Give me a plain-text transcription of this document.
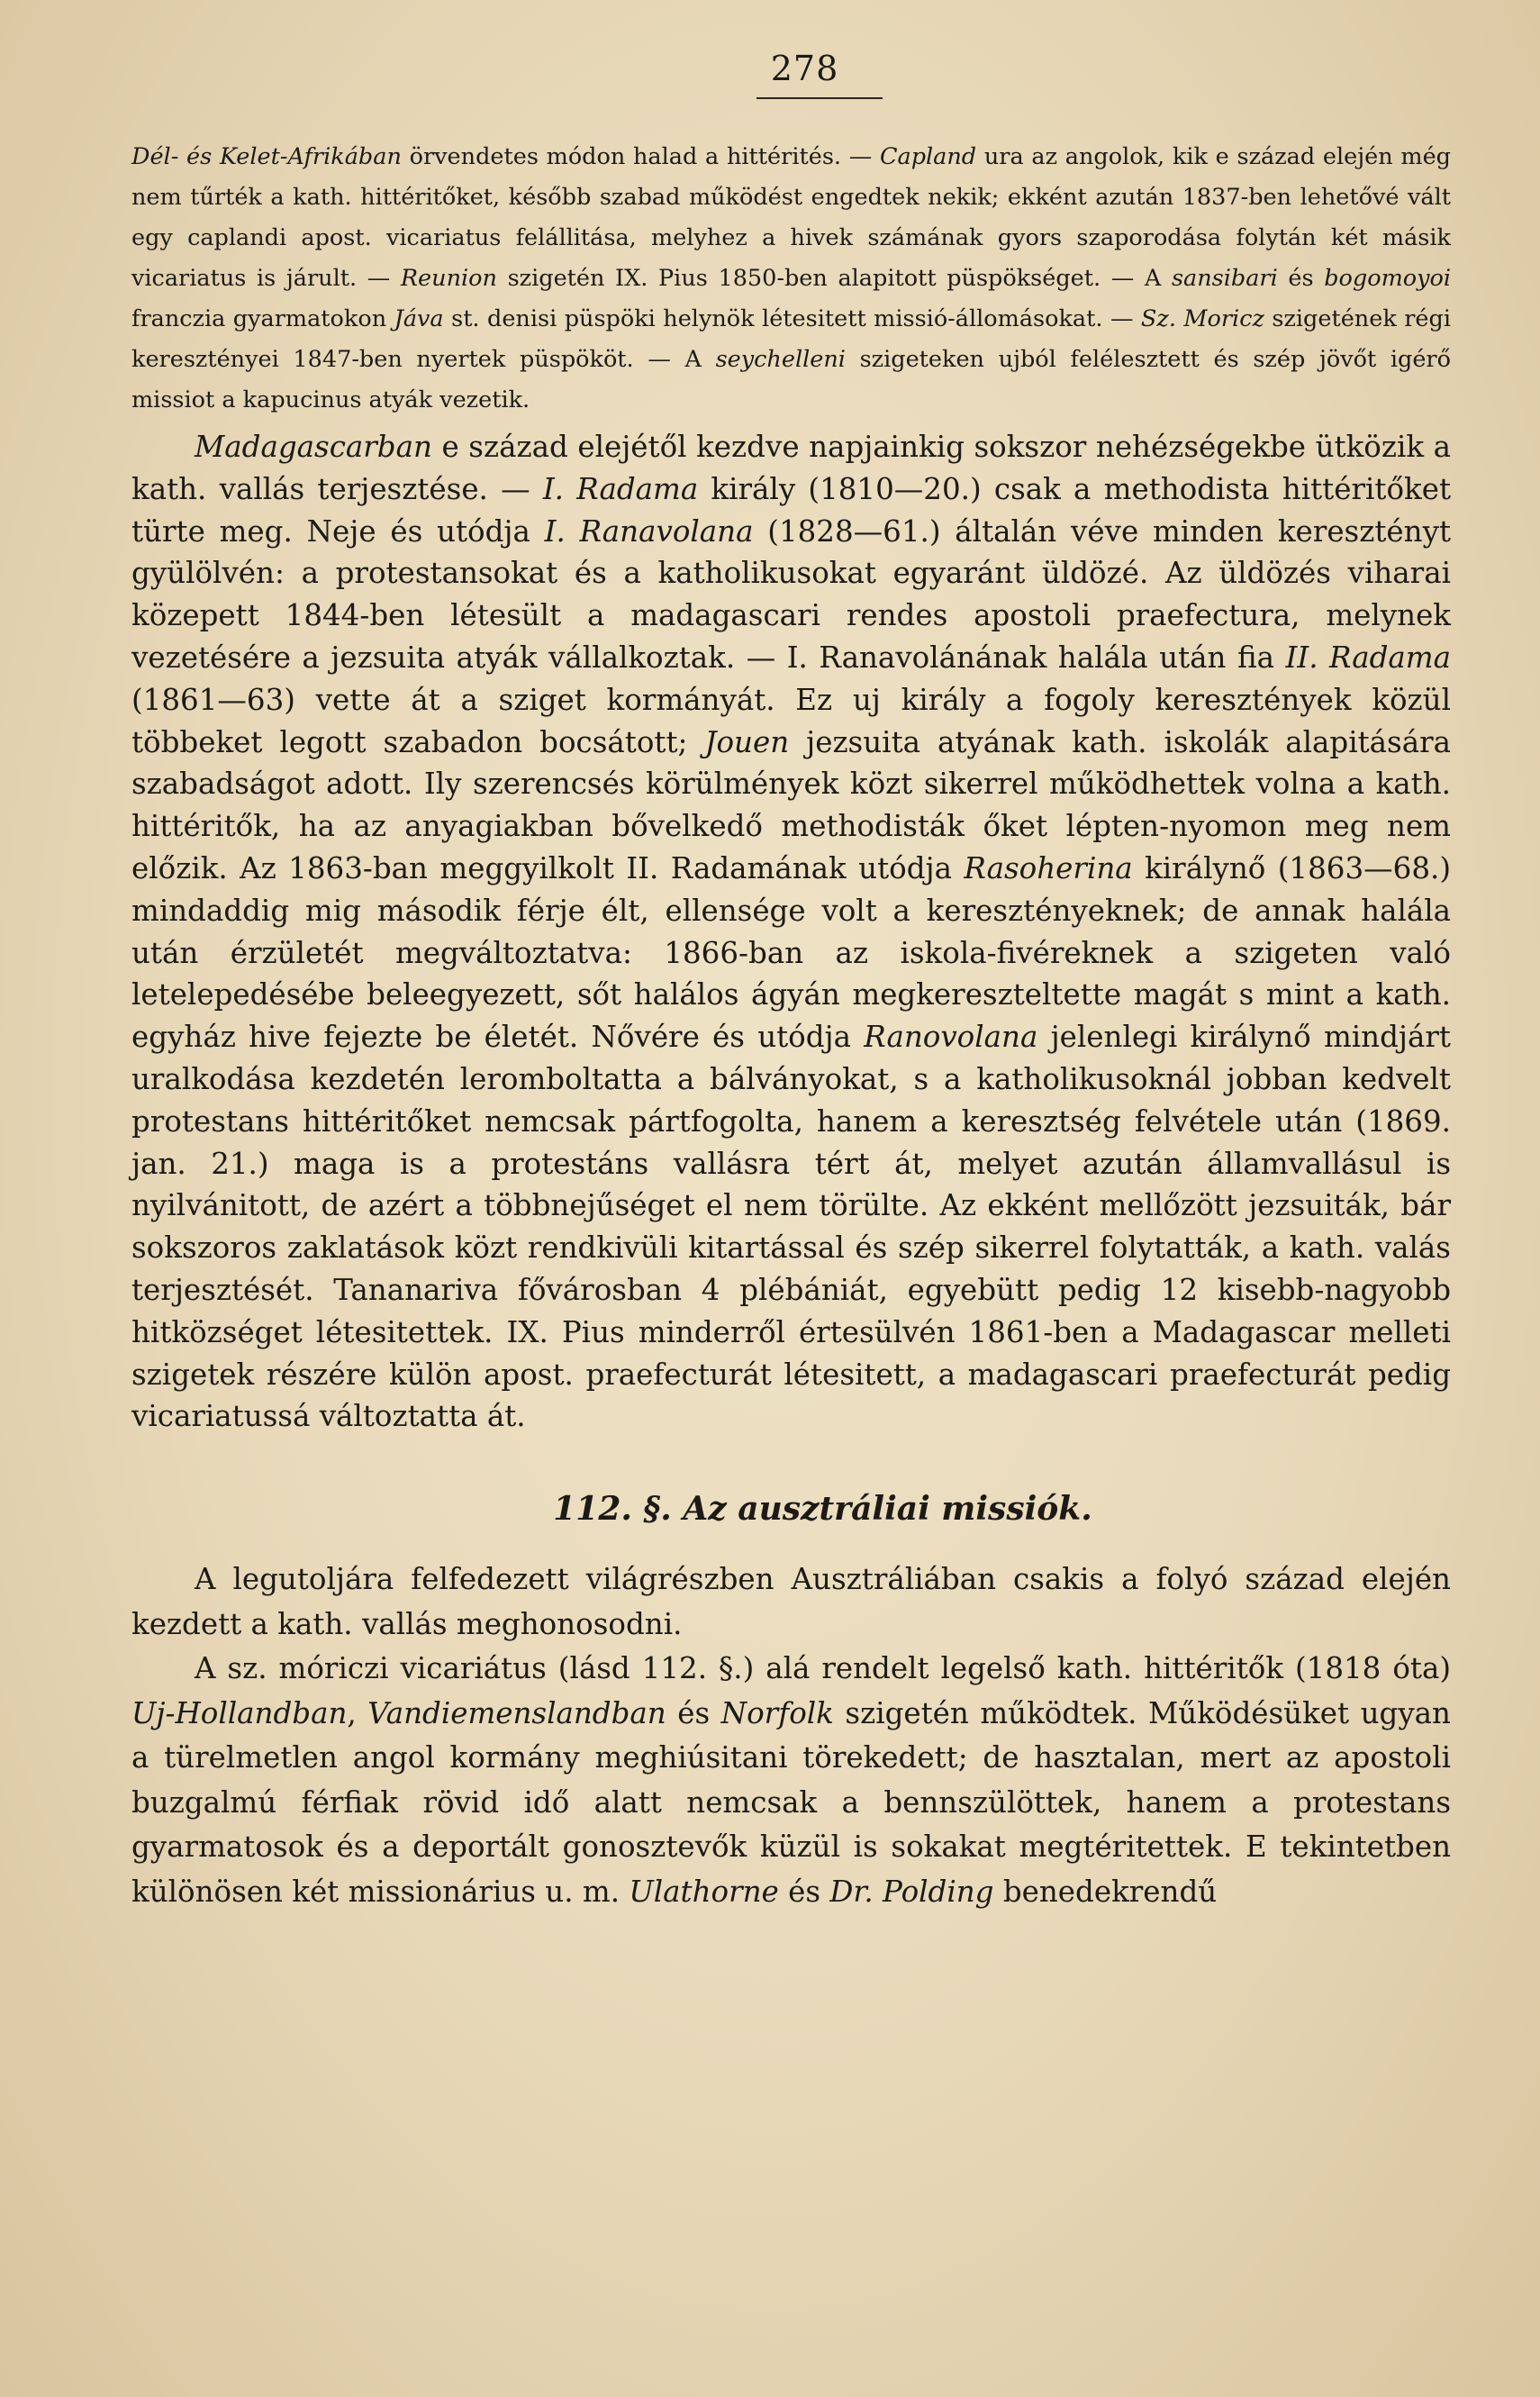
278

Dél- és Kelet-Afrikában örvendetes módon halad a hittérités. — Capland ura az angolok, kik e század elején még nem tűrték a kath. hittéritőket, később szabad működést engedtek nekik; ekként azután 1837-ben lehetővé vált egy caplandi apost. vicariatus felállitása, melyhez a hivek számának gyors szaporodása folytán két másik vicariatus is járult. — Reunion szigetén IX. Pius 1850-ben alapitott püspökséget. — A sansibari és bogomoyoi franczia gyarmatokon Jáva st. denisi püspöki helynök létesitett missió-állomásokat. — Sz. Moricz szigetének régi keresztényei 1847-ben nyertek püspököt. — A seychelleni szigeteken ujból felélesztett és szép jövőt igérő missiot a kapucinus atyák vezetik.

Madagascarban e század elejétől kezdve napjainkig sokszor nehézségekbe ütközik a kath. vallás terjesztése. — I. Radama király (1810—20.) csak a methodista hittéritőket türte meg. Neje és utódja I. Ranavolana (1828—61.) általán véve minden keresztényt gyülölvén: a protestansokat és a katholikusokat egyaránt üldözé. Az üldözés viharai közepett 1844-ben létesült a madagascari rendes apostoli praefectura, melynek vezetésére a jezsuita atyák vállalkoztak. — I. Ranavolánának halála után fia II. Radama (1861—63) vette át a sziget kormányát. Ez uj király a fogoly keresztények közül többeket legott szabadon bocsátott; Jouen jezsuita atyának kath. iskolák alapitására szabadságot adott. Ily szerencsés körülmények közt sikerrel működhettek volna a kath. hittéritők, ha az anyagiakban bővelkedő methodisták őket lépten-nyomon meg nem előzik. Az 1863-ban meggyilkolt II. Radamának utódja Rasoherina királynő (1863—68.) mindaddig mig második férje élt, ellensége volt a keresztényeknek; de annak halála után érzületét megváltoztatva: 1866-ban az iskola-fivéreknek a szigeten való letelepedésébe beleegyezett, sőt halálos ágyán megkereszteltette magát s mint a kath. egyház hive fejezte be életét. Nővére és utódja Ranovolana jelenlegi királynő mindjárt uralkodása kezdetén leromboltatta a bálványokat, s a katholikusoknál jobban kedvelt protestans hittéritőket nemcsak pártfogolta, hanem a keresztség felvétele után (1869. jan. 21.) maga is a protestáns vallásra tért át, melyet azután államvallásul is nyilvánitott, de azért a többnejűséget el nem törülte. Az ekként mellőzött jezsuiták, bár sokszoros zaklatások közt rendkivüli kitartással és szép sikerrel folytatták, a kath. valás terjesztését. Tananariva fővárosban 4 plébániát, egyebütt pedig 12 kisebb-nagyobb hitközséget létesitettek. IX. Pius minderről értesülvén 1861-ben a Madagascar melleti szigetek részére külön apost. praefecturát létesitett, a madagascari praefecturát pedig vicariatussá változtatta át.

112. §. Az ausztráliai missiók.

A legutoljára felfedezett világrészben Ausztráliában csakis a folyó század elején kezdett a kath. vallás meghonosodni.

A sz. móriczi vicariátus (lásd 112. §.) alá rendelt legelső kath. hittéritők (1818 óta) Uj-Hollandban, Vandiemenslandban és Norfolk szigetén működtek. Működésüket ugyan a türelmetlen angol kormány meghiúsitani törekedett; de hasztalan, mert az apostoli buzgalmú férfiak rövid idő alatt nemcsak a bennszülöttek, hanem a protestans gyarmatosok és a deportált gonosztevők küzül is sokakat megtéritettek. E tekintetben különösen két missionárius u. m. Ulathorne és Dr. Polding benedekrendű
